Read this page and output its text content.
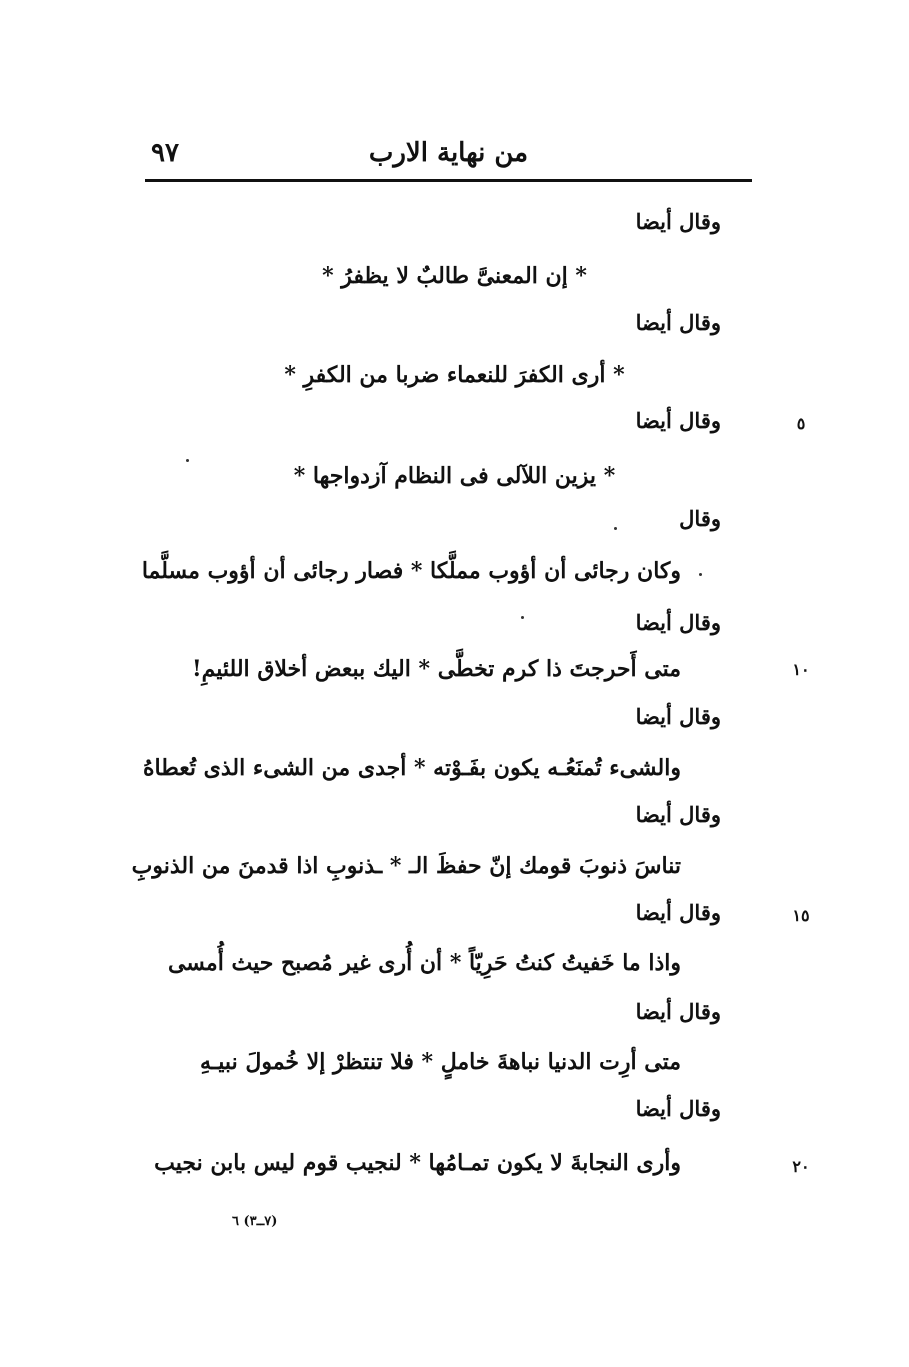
٩٧	من نهاية الارب
وقال أيضا
* إن المعنىَّ طالبٌ لا يظفرُ *
وقال أيضا
* أرى الكفرَ للنعماء ضربا من الكفرِ *
وقال أيضا	٥
* يزين اللآلى فى النظام آزدواجها *
وقال
وكان رجائى أن أؤوب مملَّكا * فصار رجائى أن أؤوب مسلَّما
وقال أيضا
١٠
متى أَحرجتَ ذا كرم تخطَّى * اليك ببعض أخلاق اللئيمِ!
وقال أيضا
والشىء تُمنَعُـه يكون بفَـوْته * أجدى من الشىء الذى تُعطاهُ
وقال أيضا
تناسَ ذنوبَ قومك إنّ حفظَ الـ * ـذنوبِ اذا قدمنَ من الذنوبِ
وقال أيضا	١٥
واذا ما خَفيتُ كنتُ حَرِيّاً * أن أُرى غير مُصبح حيث أُمسى
وقال أيضا
متى أرِت الدنيا نباهةَ خاملٍ * فلا تنتظرْ إلا خُمولَ نبيـهِ
وقال أيضا
٢٠
وأرى النجابةَ لا يكون تمـامُها * لنجيب قوم ليس بابن نجيب
(٧ــ٣) ٦
